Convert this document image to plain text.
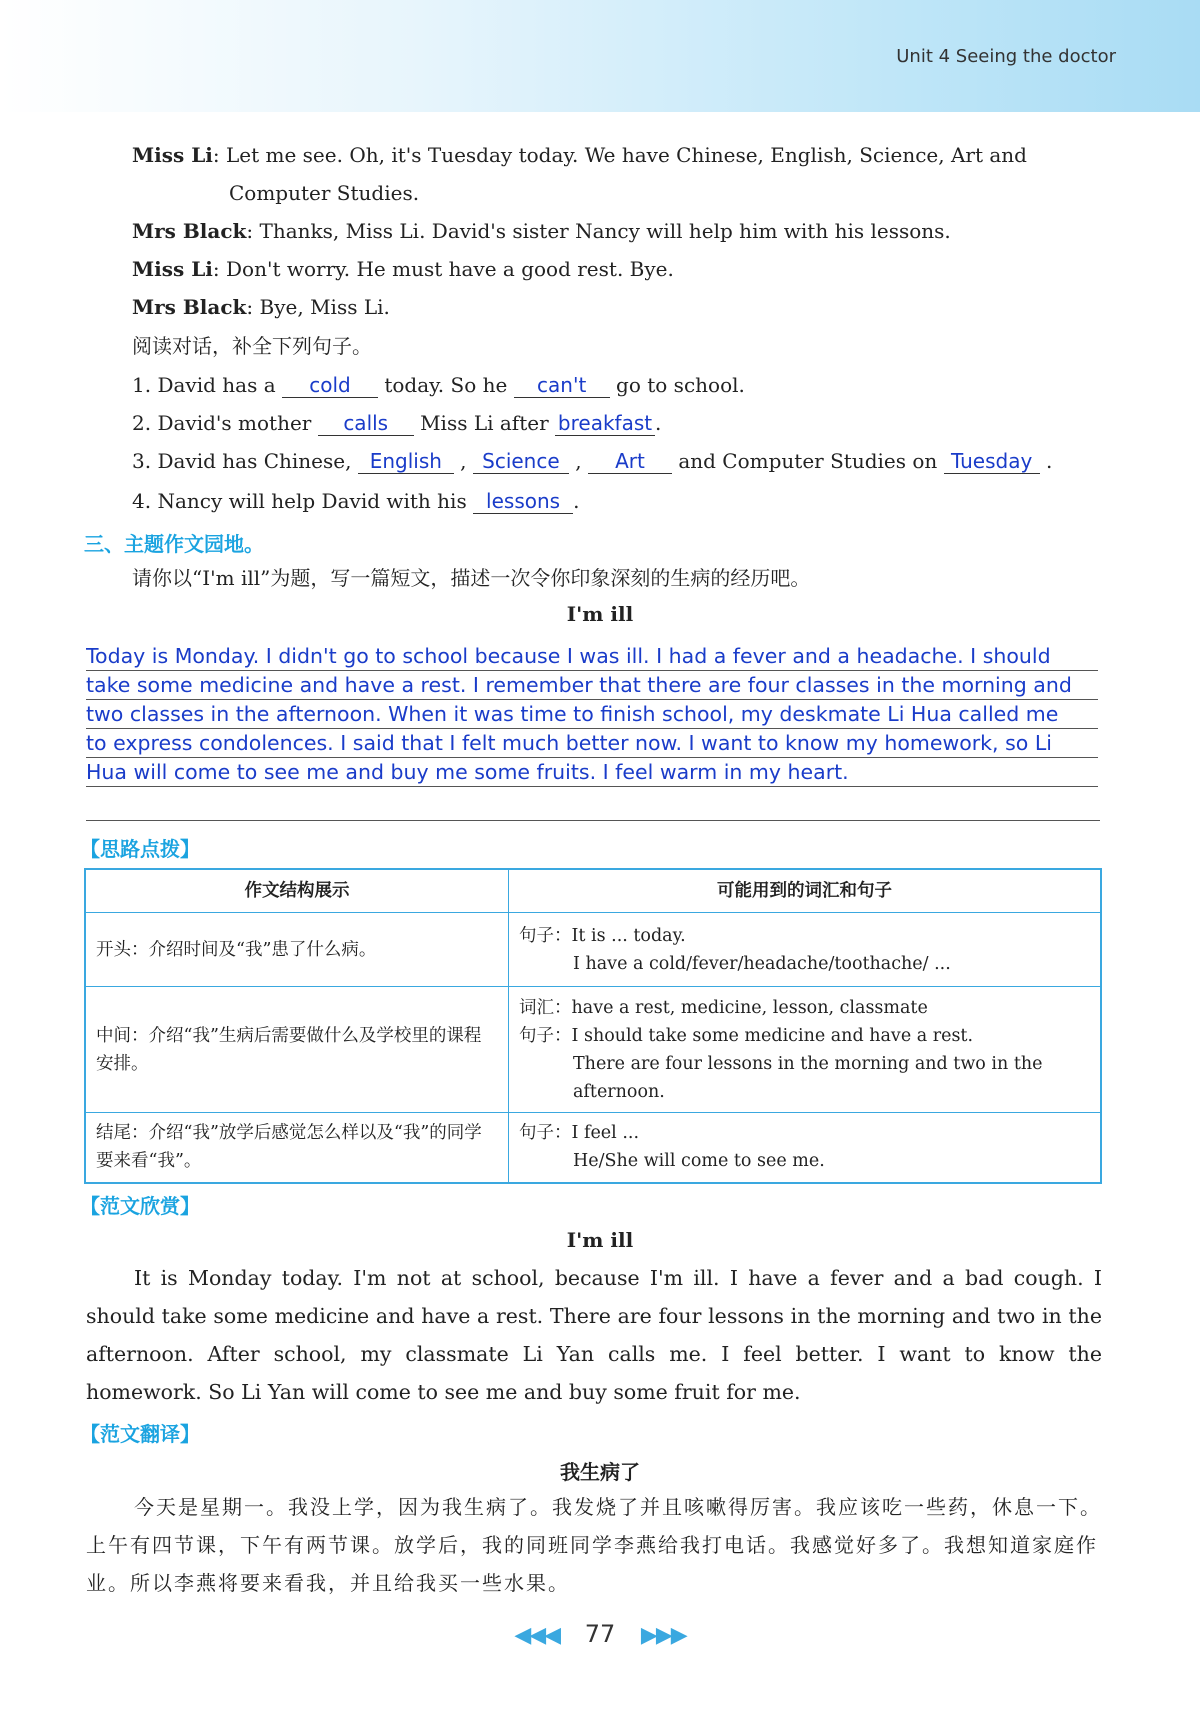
Unit 4 Seeing the doctor
Miss Li: Let me see. Oh, it's Tuesday today. We have Chinese, English, Science, Art and
Computer Studies.
Mrs Black: Thanks, Miss Li. David's sister Nancy will help him with his lessons.
Miss Li: Don't worry. He must have a good rest. Bye.
Mrs Black: Bye, Miss Li.
阅读对话，补全下列句子。
1. David has a cold today. So he can't go to school.
2. David's mother calls Miss Li after breakfast .
3. David has Chinese, English , Science , Art and Computer Studies on Tuesday .
4. Nancy will help David with his lessons .
三、主题作文园地。
请你以“I'm ill”为题，写一篇短文，描述一次令你印象深刻的生病的经历吧。
I'm ill
Today is Monday. I didn't go to school because I was ill. I had a fever and a headache. I should
take some medicine and have a rest. I remember that there are four classes in the morning and
two classes in the afternoon. When it was time to finish school, my deskmate Li Hua called me
to express condolences. I said that I felt much better now. I want to know my homework, so Li
Hua will come to see me and buy me some fruits. I feel warm in my heart.
【思路点拨】
作文结构展示	可能用到的词汇和句子
开头：介绍时间及“我”患了什么病。	句子：It is ... today.
I have a cold/fever/headache/toothache/ ...

中间：介绍“我”生病后需要做什么及学校里的课程安排。	词汇：have a rest, medicine, lesson, classmate
句子：I should take some medicine and have a rest.
There are four lessons in the morning and two in the afternoon.

结尾：介绍“我”放学后感觉怎么样以及“我”的同学要来看“我”。	句子：I feel ...
He/She will come to see me.
【范文欣赏】
I'm ill
It is Monday today. I'm not at school, because I'm ill. I have a fever and a bad cough. I should take some medicine and have a rest. There are four lessons in the morning and two in the afternoon. After school, my classmate Li Yan calls me. I feel better. I want to know the homework. So Li Yan will come to see me and buy some fruit for me.
【范文翻译】
我生病了
今天是星期一。我没上学，因为我生病了。我发烧了并且咳嗽得厉害。我应该吃一些药，休息一下。上午有四节课，下午有两节课。放学后，我的同班同学李燕给我打电话。我感觉好多了。我想知道家庭作业。所以李燕将要来看我，并且给我买一些水果。
◀◀◀ 77 ▶▶▶
